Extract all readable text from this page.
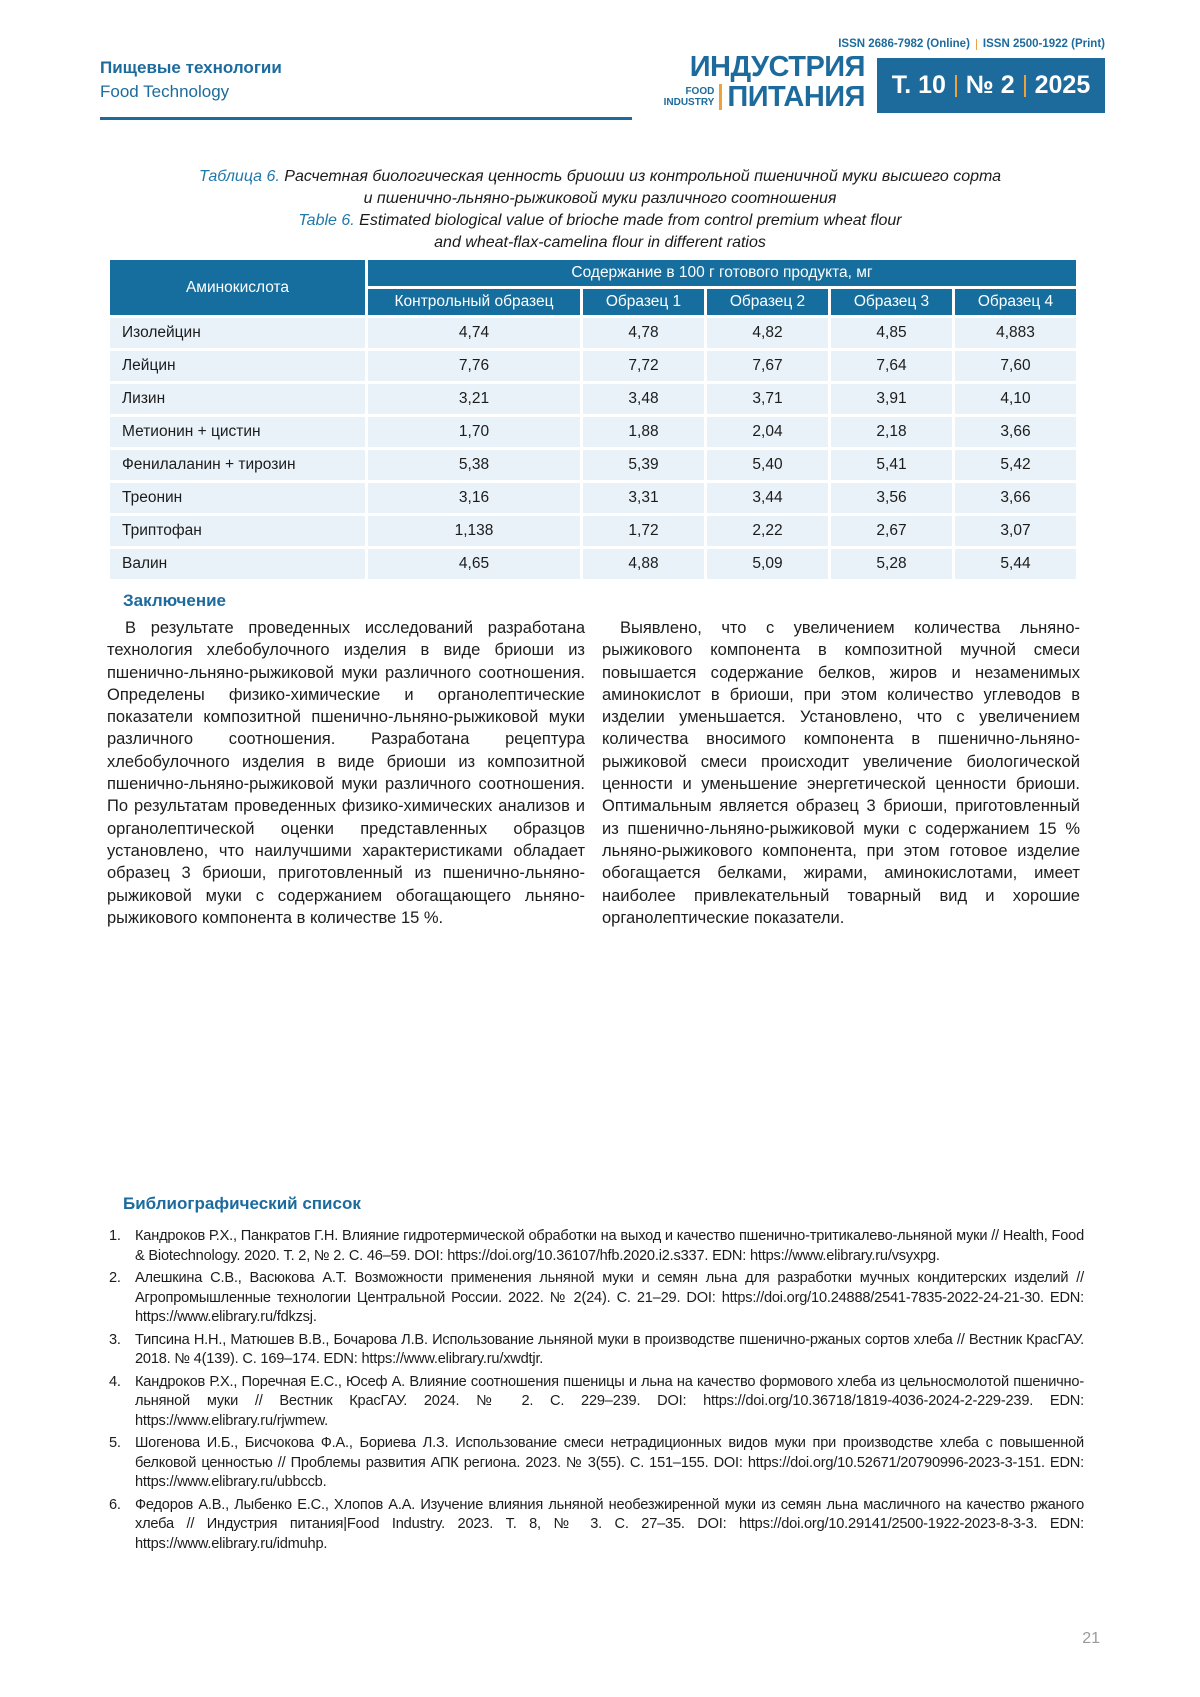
ISSN 2686-7982 (Online) ISSN 2500-1922 (Print)
Пищевые технологии
Food Technology
ИНДУСТРИЯ
FOOD
INDUSTRY ПИТАНИЯ Т. 10 № 2 2025
Таблица 6. Расчетная биологическая ценность бриоши из контрольной пшеничной муки высшего сорта
и пшенично-льняно-рыжиковой муки различного соотношения
Table 6. Estimated biological value of brioche made from control premium wheat flour
and wheat-flax-camelina flour in different ratios
Аминокислота	Содержание в 100 г готового продукта, мг				
	Контрольный образец	Образец 1	Образец 2	Образец 3	Образец 4
Изолейцин	4,74	4,78	4,82	4,85	4,883
Лейцин	7,76	7,72	7,67	7,64	7,60
Лизин	3,21	3,48	3,71	3,91	4,10
Метионин + цистин	1,70	1,88	2,04	2,18	3,66
Фенилаланин + тирозин	5,38	5,39	5,40	5,41	5,42
Треонин	3,16	3,31	3,44	3,56	3,66
Триптофан	1,138	1,72	2,22	2,67	3,07
Валин	4,65	4,88	5,09	5,28	5,44
Заключение
В результате проведенных исследований разработана технология хлебобулочного изделия в виде бриоши из пшенично-льняно-рыжиковой муки различного соотношения. Определены физико-химические и органолептические показатели композитной пшенично-льняно-рыжиковой муки различного соотношения. Разработана рецептура хлебобулочного изделия в виде бриоши из композитной пшенично-льняно-рыжиковой муки различного соотношения. По результатам проведенных физико-химических анализов и органолептической оценки представленных образцов установлено, что наилучшими характеристиками обладает образец 3 бриоши, приготовленный из пшенично-льняно-рыжиковой муки с содержанием обогащающего льняно-рыжикового компонента в количестве 15 %.
Выявлено, что с увеличением количества льняно-рыжикового компонента в композитной мучной смеси повышается содержание белков, жиров и незаменимых аминокислот в бриоши, при этом количество углеводов в изделии уменьшается. Установлено, что с увеличением количества вносимого компонента в пшенично-льняно-рыжиковой смеси происходит увеличение биологической ценности и уменьшение энергетической ценности бриоши. Оптимальным является образец 3 бриоши, приготовленный из пшенично-льняно-рыжиковой муки с содержанием 15 % льняно-рыжикового компонента, при этом готовое изделие обогащается белками, жирами, аминокислотами, имеет наиболее привлекательный товарный вид и хорошие органолептические показатели.
Библиографический список
1. Кандроков Р.Х., Панкратов Г.Н. Влияние гидротермической обработки на выход и качество пшенично-тритикалево-льняной муки // Health, Food & Biotechnology. 2020. Т. 2, № 2. С. 46–59. DOI: https://doi.org/10.36107/hfb.2020.i2.s337. EDN: https://www.elibrary.ru/vsyxpg.
2. Алешкина С.В., Васюкова А.Т. Возможности применения льняной муки и семян льна для разработки мучных кондитерских изделий // Агропромышленные технологии Центральной России. 2022. № 2(24). С. 21–29. DOI: https://doi.org/10.24888/2541-7835-2022-24-21-30. EDN: https://www.elibrary.ru/fdkzsj.
3. Типсина Н.Н., Матюшев В.В., Бочарова Л.В. Использование льняной муки в производстве пшенично-ржаных сортов хлеба // Вестник КрасГАУ. 2018. № 4(139). С. 169–174. EDN: https://www.elibrary.ru/xwdtjr.
4. Кандроков Р.Х., Поречная Е.С., Юсеф А. Влияние соотношения пшеницы и льна на качество формового хлеба из цельносмолотой пшенично-льняной муки // Вестник КрасГАУ. 2024. № 2. С. 229–239. DOI: https://doi.org/10.36718/1819-4036-2024-2-229-239. EDN: https://www.elibrary.ru/rjwmew.
5. Шогенова И.Б., Бисчокова Ф.А., Бориева Л.З. Использование смеси нетрадиционных видов муки при производстве хлеба с повышенной белковой ценностью // Проблемы развития АПК региона. 2023. № 3(55). С. 151–155. DOI: https://doi.org/10.52671/20790996-2023-3-151. EDN: https://www.elibrary.ru/ubbccb.
6. Федоров А.В., Лыбенко Е.С., Хлопов А.А. Изучение влияния льняной необезжиренной муки из семян льна масличного на качество ржаного хлеба // Индустрия питания|Food Industry. 2023. Т. 8, № 3. С. 27–35. DOI: https://doi.org/10.29141/2500-1922-2023-8-3-3. EDN: https://www.elibrary.ru/idmuhp.
21
